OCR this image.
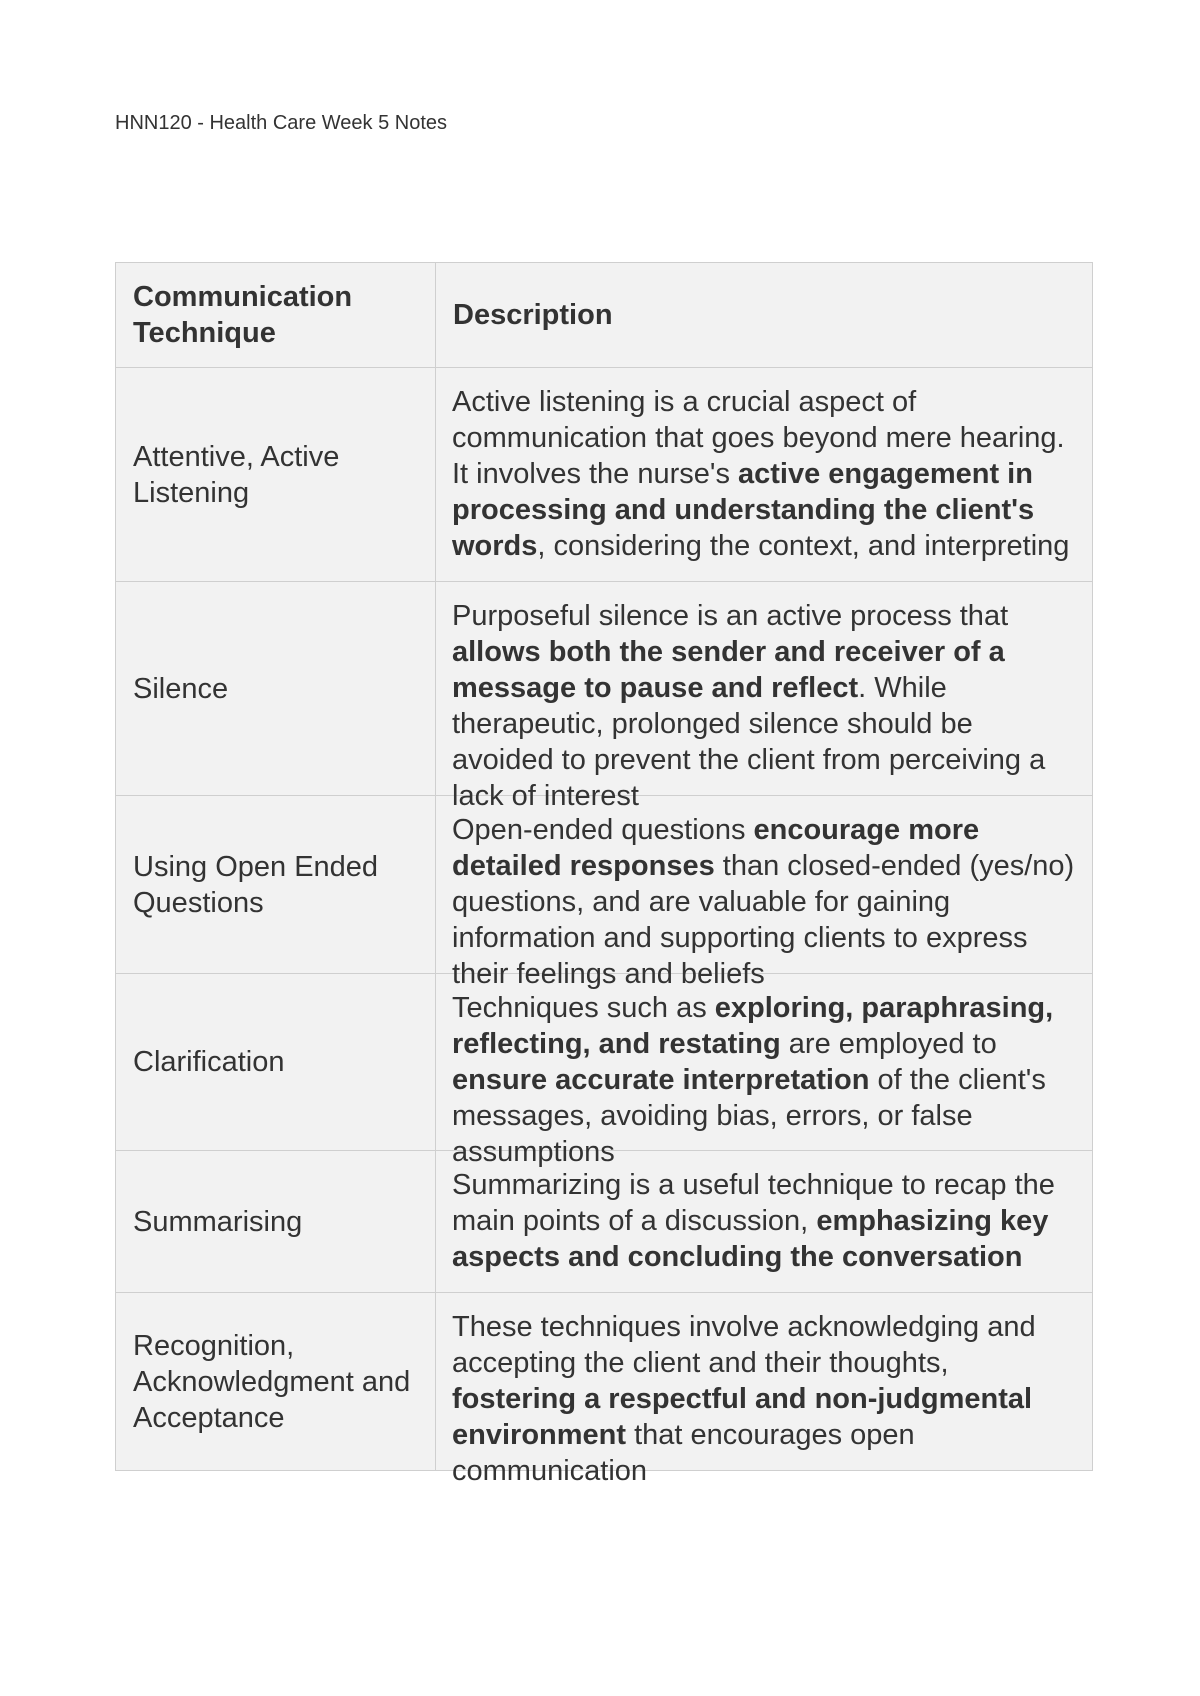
HNN120 - Health Care Week 5 Notes
Communication Technique	Description

Attentive, Active Listening	Active listening is a crucial aspect of communication that goes beyond mere hearing. It involves the nurse's active engagement in processing and understanding the client's words, considering the context, and interpreting

Silence	Purposeful silence is an active process that allows both the sender and receiver of a message to pause and reflect. While therapeutic, prolonged silence should be avoided to prevent the client from perceiving a lack of interest

Using Open Ended Questions	Open-ended questions encourage more detailed responses than closed-ended (yes/no) questions, and are valuable for gaining information and supporting clients to express their feelings and beliefs

Clarification	Techniques such as exploring, paraphrasing, reflecting, and restating are employed to ensure accurate interpretation of the client's messages, avoiding bias, errors, or false assumptions

Summarising	Summarizing is a useful technique to recap the main points of a discussion, emphasizing key aspects and concluding the conversation

Recognition, Acknowledgment and Acceptance	These techniques involve acknowledging and accepting the client and their thoughts, fostering a respectful and non-judgmental environment that encourages open communication
